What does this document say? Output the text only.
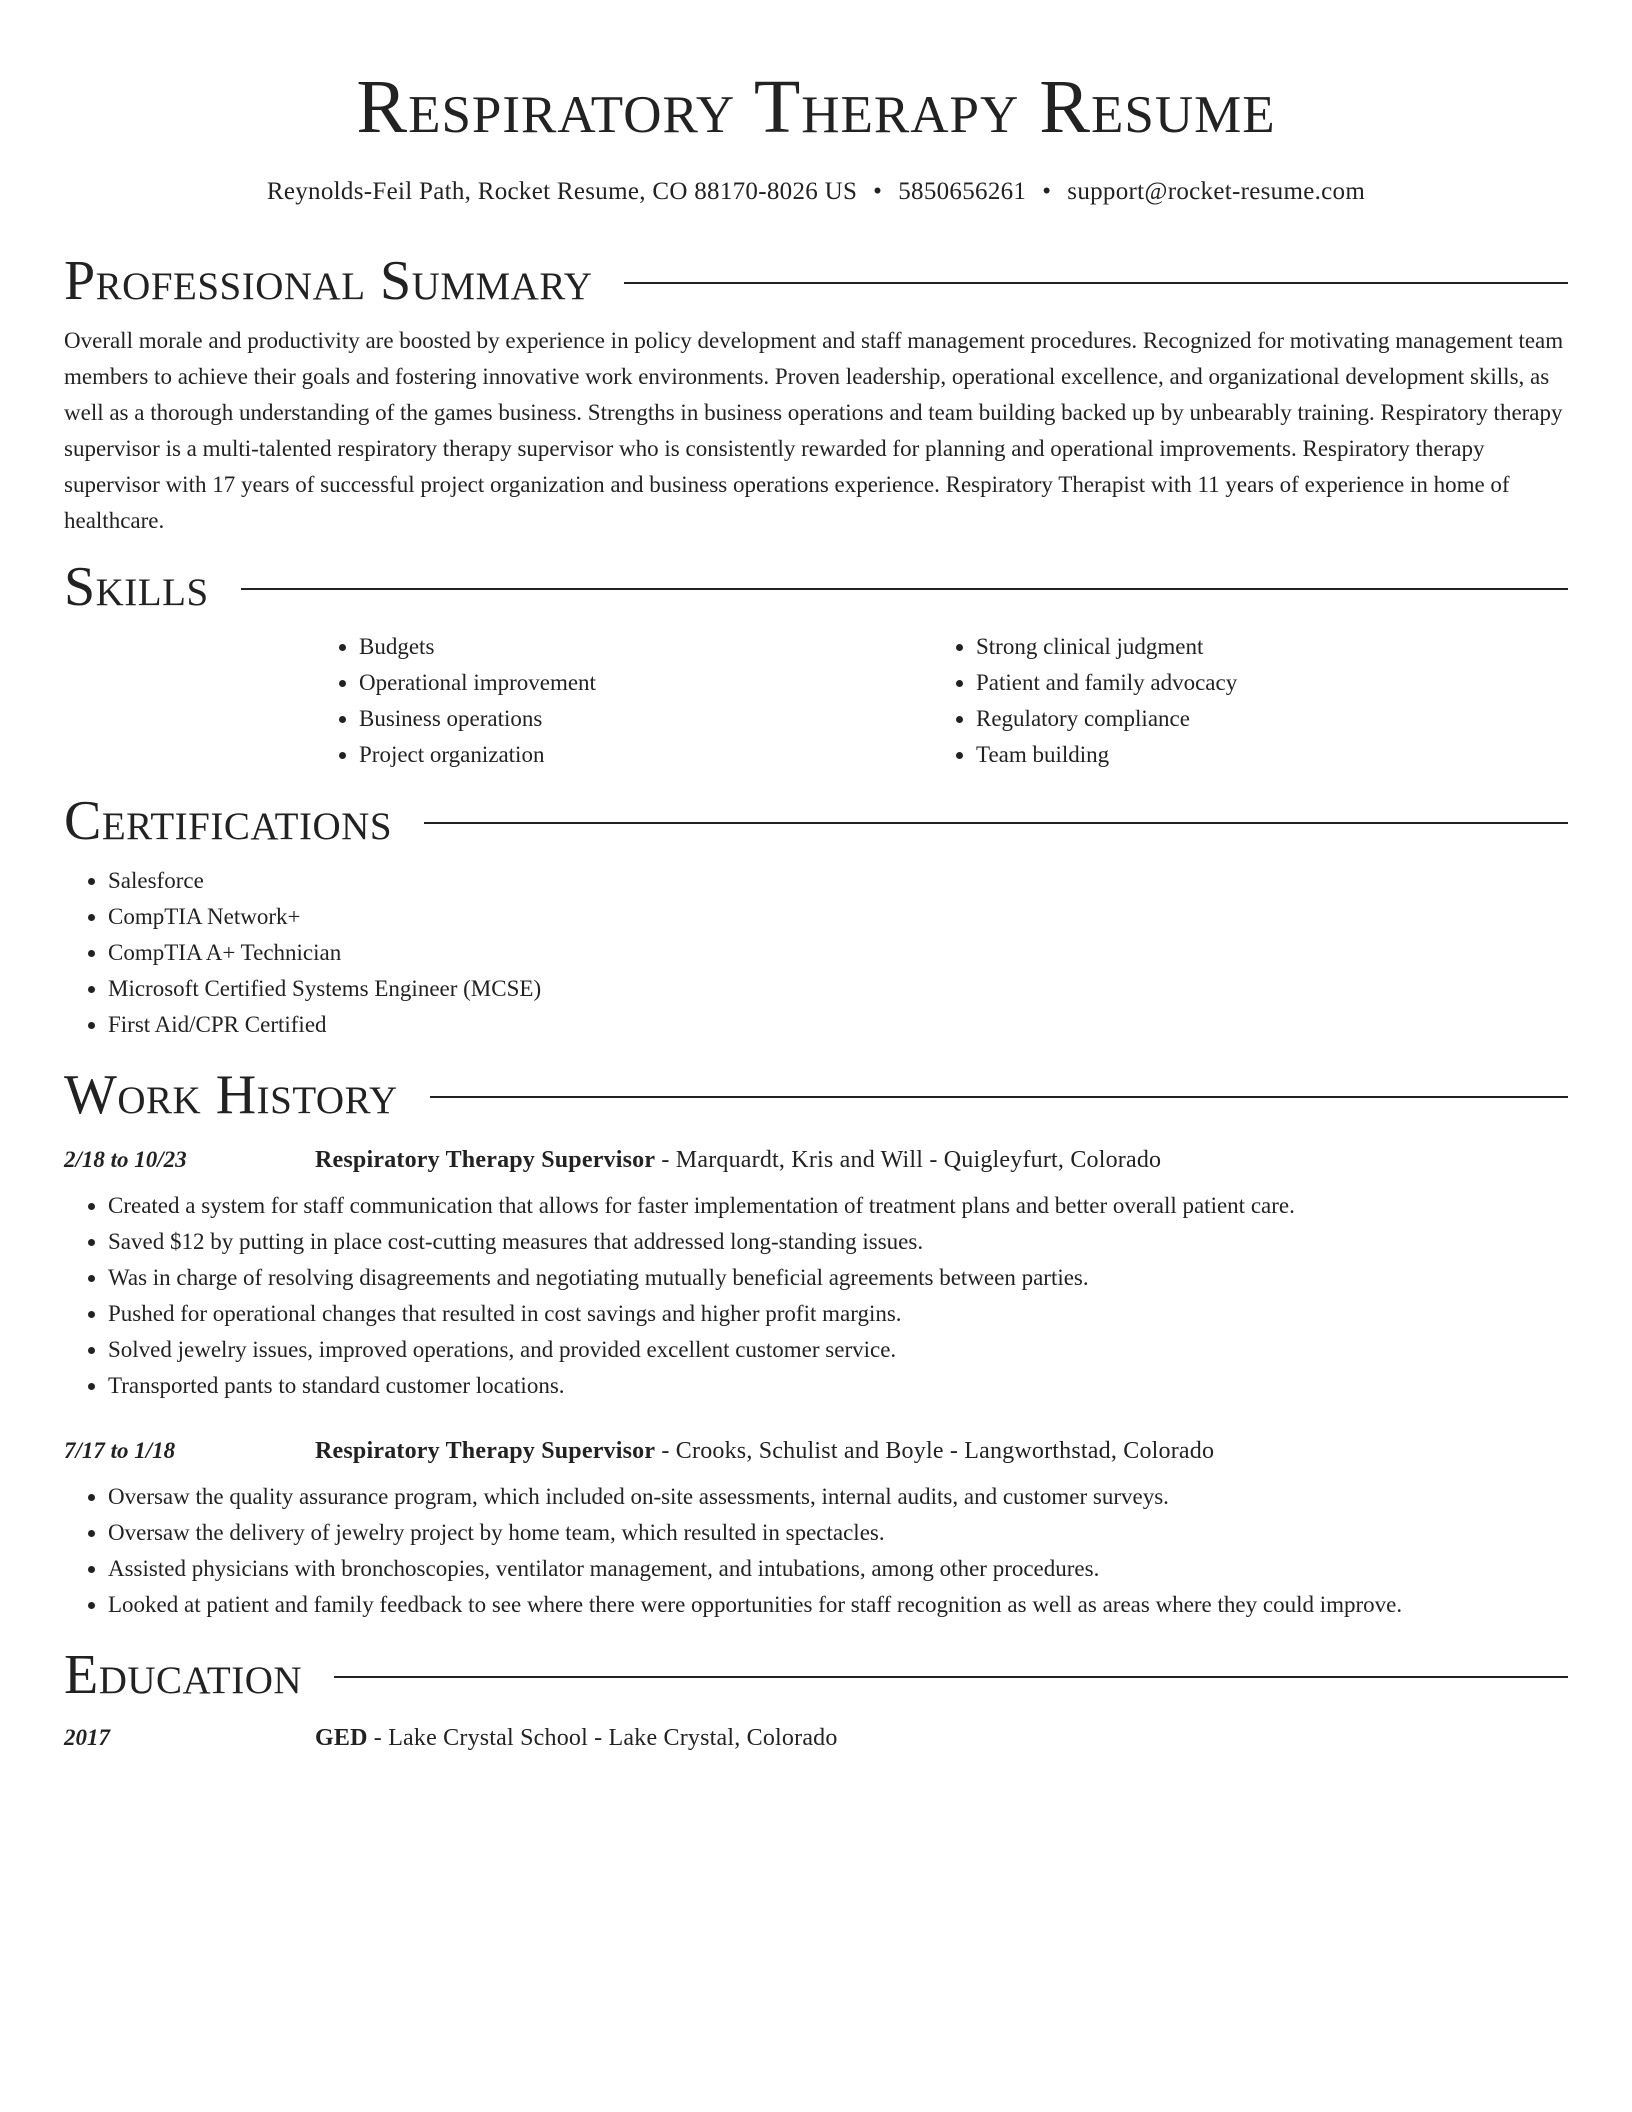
Respiratory Therapy Resume
Reynolds-Feil Path, Rocket Resume, CO 88170-8026 US • 5850656261 • support@rocket-resume.com
Professional Summary

Overall morale and productivity are boosted by experience in policy development and staff management procedures. Recognized for motivating management team members to achieve their goals and fostering innovative work environments. Proven leadership, operational excellence, and organizational development skills, as well as a thorough understanding of the games business. Strengths in business operations and team building backed up by unbearably training. Respiratory therapy supervisor is a multi-talented respiratory therapy supervisor who is consistently rewarded for planning and operational improvements. Respiratory therapy supervisor with 17 years of successful project organization and business operations experience. Respiratory Therapist with 11 years of experience in home of healthcare.

Skills
• Budgets
• Operational improvement
• Business operations
• Project organization
• Strong clinical judgment
• Patient and family advocacy
• Regulatory compliance
• Team building
Certifications
• Salesforce
• CompTIA Network+
• CompTIA A+ Technician
• Microsoft Certified Systems Engineer (MCSE)
• First Aid/CPR Certified
Work History
2/18 to 10/23	Respiratory Therapy Supervisor - Marquardt, Kris and Will - Quigleyfurt, Colorado
• Created a system for staff communication that allows for faster implementation of treatment plans and better overall patient care.
• Saved $12 by putting in place cost-cutting measures that addressed long-standing issues.
• Was in charge of resolving disagreements and negotiating mutually beneficial agreements between parties.
• Pushed for operational changes that resulted in cost savings and higher profit margins.
• Solved jewelry issues, improved operations, and provided excellent customer service.
• Transported pants to standard customer locations.
7/17 to 1/18	Respiratory Therapy Supervisor - Crooks, Schulist and Boyle - Langworthstad, Colorado
• Oversaw the quality assurance program, which included on-site assessments, internal audits, and customer surveys.
• Oversaw the delivery of jewelry project by home team, which resulted in spectacles.
• Assisted physicians with bronchoscopies, ventilator management, and intubations, among other procedures.
• Looked at patient and family feedback to see where there were opportunities for staff recognition as well as areas where they could improve.
Education
2017	GED - Lake Crystal School - Lake Crystal, Colorado
